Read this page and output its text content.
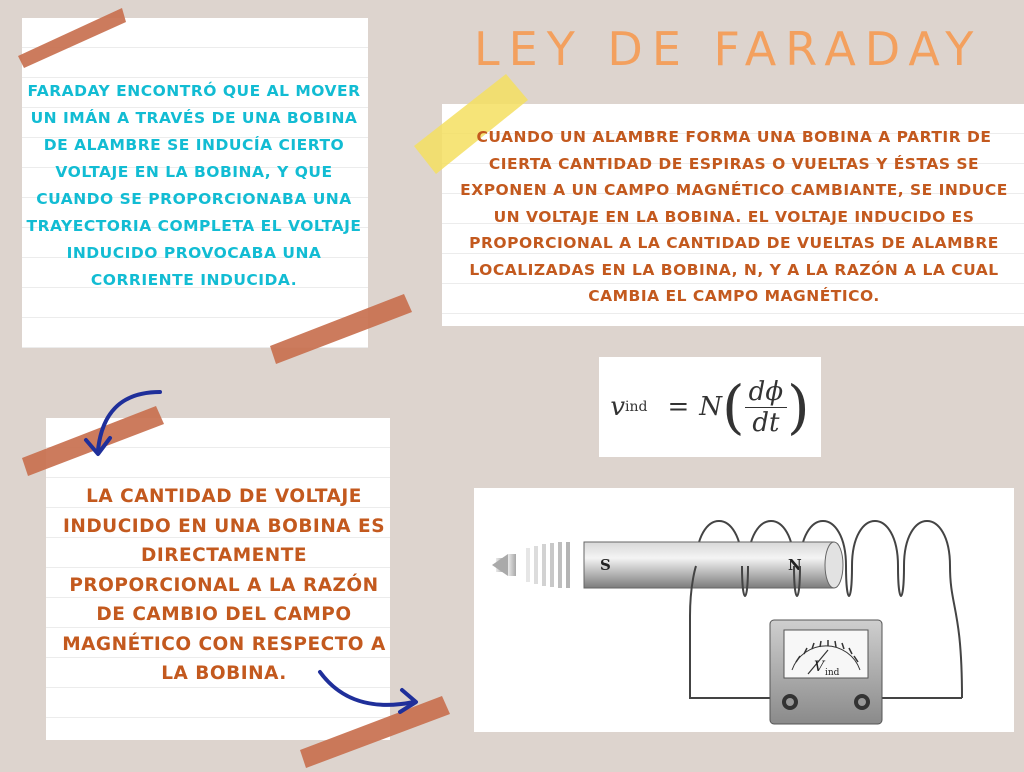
LEY DE FARADAY
FARADAY ENCONTRÓ QUE AL MOVER UN IMÁN A TRAVÉS DE UNA BOBINA DE ALAMBRE SE INDUCÍA CIERTO VOLTAJE EN LA BOBINA, Y QUE CUANDO SE PROPORCIONABA UNA TRAYECTORIA COMPLETA EL VOLTAJE INDUCIDO PROVOCABA UNA CORRIENTE INDUCIDA.
CUANDO UN ALAMBRE FORMA UNA BOBINA A PARTIR DE CIERTA CANTIDAD DE ESPIRAS O VUELTAS Y ÉSTAS SE EXPONEN A UN CAMPO MAGNÉTICO CAMBIANTE, SE INDUCE UN VOLTAJE EN LA BOBINA. EL VOLTAJE INDUCIDO ES PROPORCIONAL A LA CANTIDAD DE VUELTAS DE ALAMBRE LOCALIZADAS EN LA BOBINA, N, Y A LA RAZÓN A LA CUAL CAMBIA EL CAMPO MAGNÉTICO.
v ind = N ( $\frac{d\phi}{dt}$ )
LA CANTIDAD DE VOLTAJE INDUCIDO EN UNA BOBINA ES DIRECTAMENTE PROPORCIONAL A LA RAZÓN DE CAMBIO DEL CAMPO MAGNÉTICO CON RESPECTO A LA BOBINA.
S	N
V ind
